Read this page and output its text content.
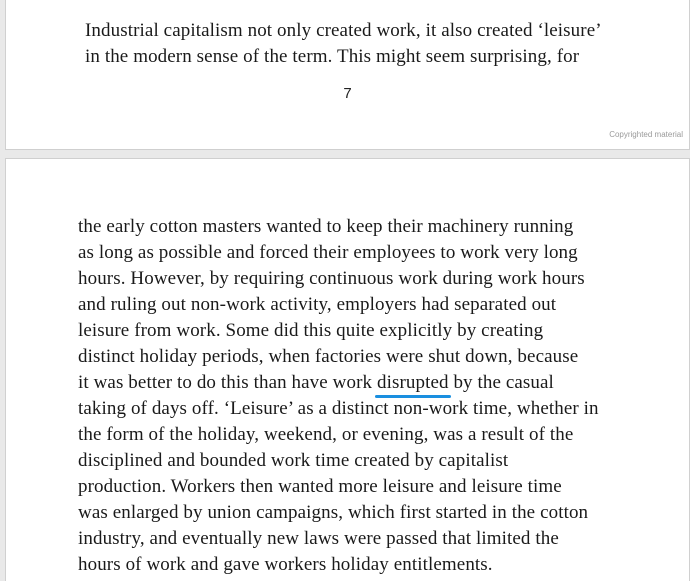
Industrial capitalism not only created work, it also created ‘leisure’
in the modern sense of the term. This might seem surprising, for
7
Copyrighted material
the early cotton masters wanted to keep their machinery running
as long as possible and forced their employees to work very long
hours. However, by requiring continuous work during work hours
and ruling out non-work activity, employers had separated out
leisure from work. Some did this quite explicitly by creating
distinct holiday periods, when factories were shut down, because
it was better to do this than have work disrupted
by the casual
taking of days off. ‘Leisure’ as a distinct non-work time, whether in
the form of the holiday, weekend, or evening, was a result of the
disciplined and bounded work time created by capitalist
production. Workers then wanted more leisure and leisure time
was enlarged by union campaigns, which first started in the cotton
industry, and eventually new laws were passed that limited the
hours of work and gave workers holiday entitlements.
